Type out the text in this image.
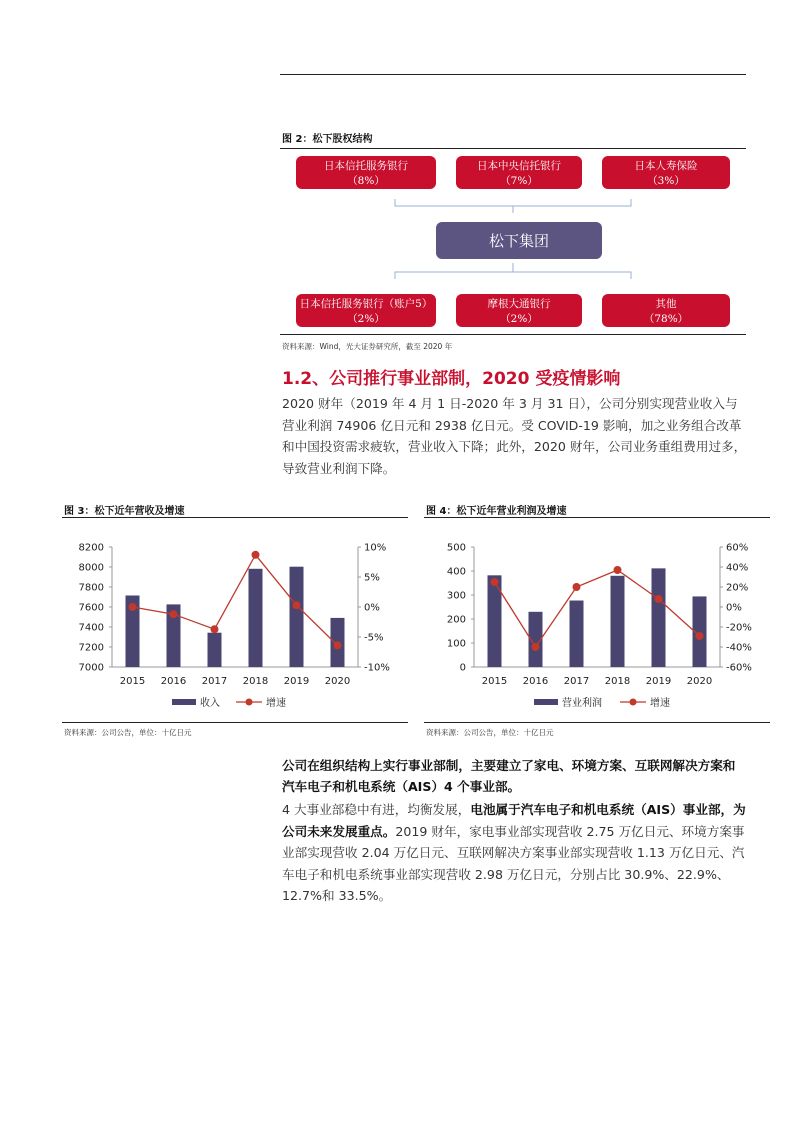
图 2：松下股权结构
日本信托服务银行
（8%）
日本中央信托银行
（7%）
日本人寿保险
（3%）
松下集团
日本信托服务银行（账户5）
（2%）
摩根大通银行
（2%）
其他
（78%）
资料来源：Wind，光大证券研究所，截至 2020 年
1.2、公司推行事业部制，2020 受疫情影响
2020 财年（2019 年 4 月 1 日-2020 年 3 月 31 日），公司分别实现营业收入与营业利润 74906 亿日元和 2938 亿日元。受 COVID-19 影响，加之业务组合改革和中国投资需求疲软，营业收入下降；此外，2020 财年，公司业务重组费用过多，导致营业利润下降。
图 3：松下近年营收及增速	图 4：松下近年营业利润及增速
7000
7200
7400
7600
7800
8000
8200
-10%
-5%
0%
5%
10%
2015 2016 2017 2018 2019 2020
收入	增速
0
100
200
300
400
500
-60%
-40%
-20%
0%
20%
40%
60%
2015 2016 2017 2018 2019 2020
营业利润	增速
资料来源：公司公告，单位：十亿日元	资料来源：公司公告，单位：十亿日元
公司在组织结构上实行事业部制，主要建立了家电、环境方案、互联网解决方案和汽车电子和机电系统（AIS）4 个事业部。
4 大事业部稳中有进，均衡发展，电池属于汽车电子和机电系统（AIS）事业部，为公司未来发展重点。2019 财年，家电事业部实现营收 2.75 万亿日元、环境方案事业部实现营收 2.04 万亿日元、互联网解决方案事业部实现营收 1.13 万亿日元、汽车电子和机电系统事业部实现营收 2.98 万亿日元，分别占比 30.9%、22.9%、12.7%和 33.5%。
